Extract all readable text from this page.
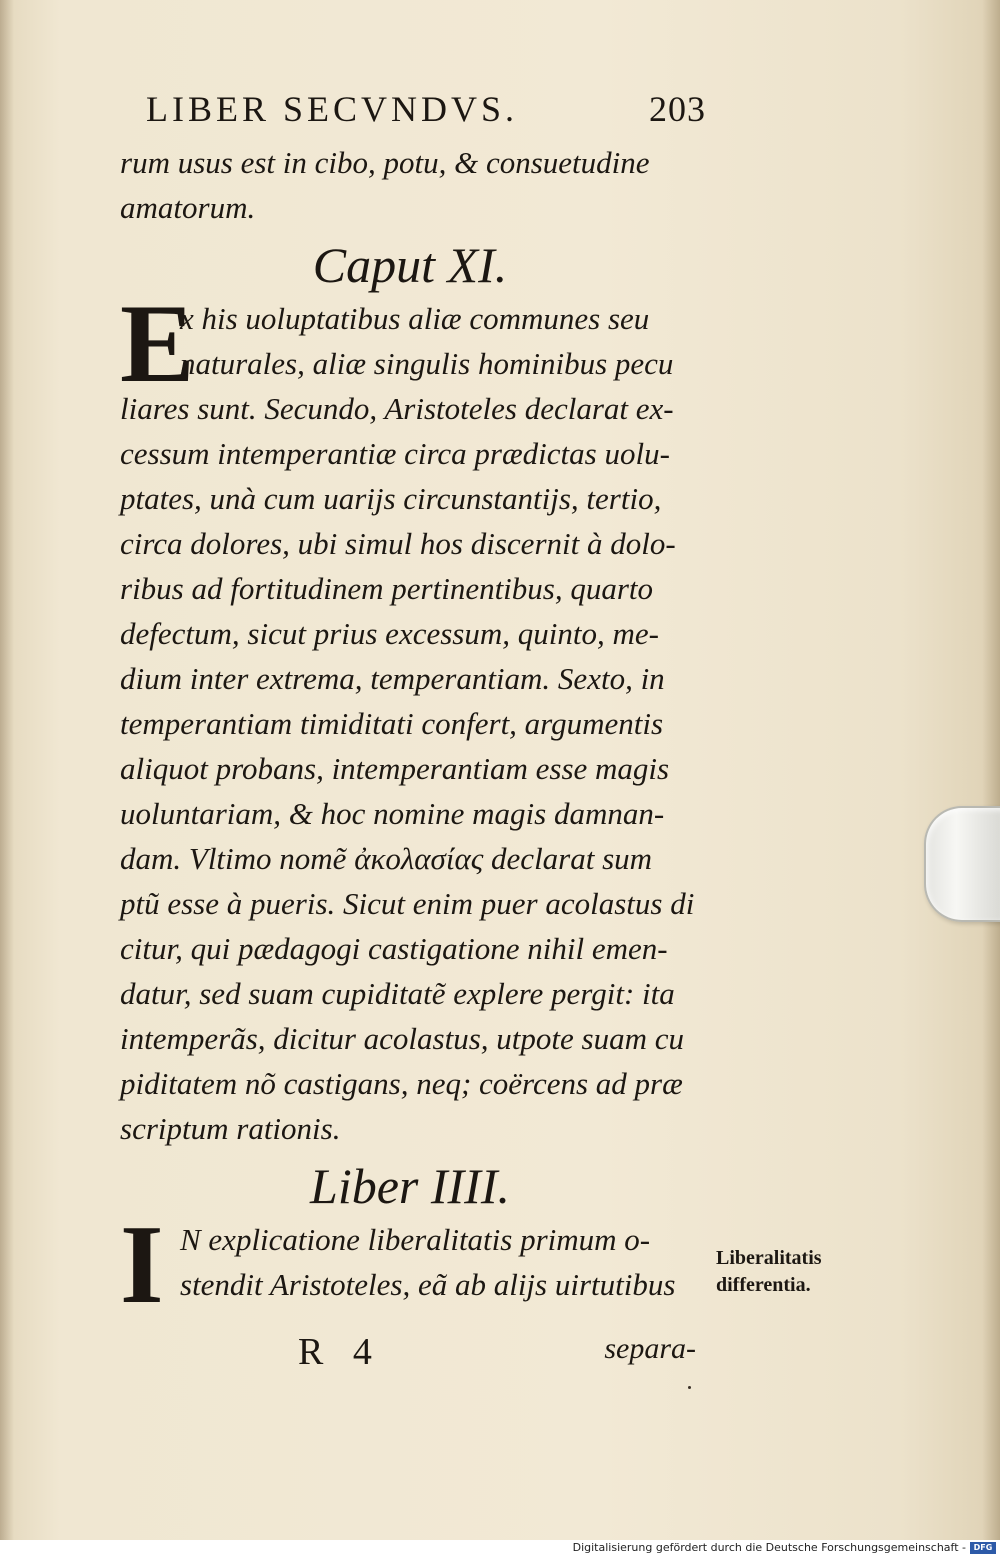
LIBER SECVNDVS.	203
rum usus est in cibo, potu, & consuetudine
amatorum.
Caput XI.
E
x his uoluptatibus aliæ communes seu
naturales, aliæ singulis hominibus pecu
liares sunt. Secundo, Aristoteles declarat ex-
cessum intemperantiæ circa prædictas uolu-
ptates, unà cum uarijs circunstantijs, tertio,
circa dolores, ubi simul hos discernit à dolo-
ribus ad fortitudinem pertinentibus, quarto
defectum, sicut prius excessum, quinto, me-
dium inter extrema, temperantiam. Sexto, in
temperantiam timiditati confert, argumentis
aliquot probans, intemperantiam esse magis
uoluntariam, & hoc nomine magis damnan-
dam. Vltimo nomẽ ἀκολασίας declarat sum
ptũ esse à pueris. Sicut enim puer acolastus di
citur, qui pædagogi castigatione nihil emen-
datur, sed suam cupiditatẽ explere pergit: ita
intemperãs, dicitur acolastus, utpote suam cu
piditatem nõ castigans, neq; coërcens ad præ
scriptum rationis.
Liber IIII.
I N explicatione liberalitatis primum o-
stendit Aristoteles, eã ab alijs uirtutibus
Liberalitatis
differentia.
R 4	separa-
Digitalisierung gefördert durch die Deutsche Forschungsgemeinschaft - DFG
